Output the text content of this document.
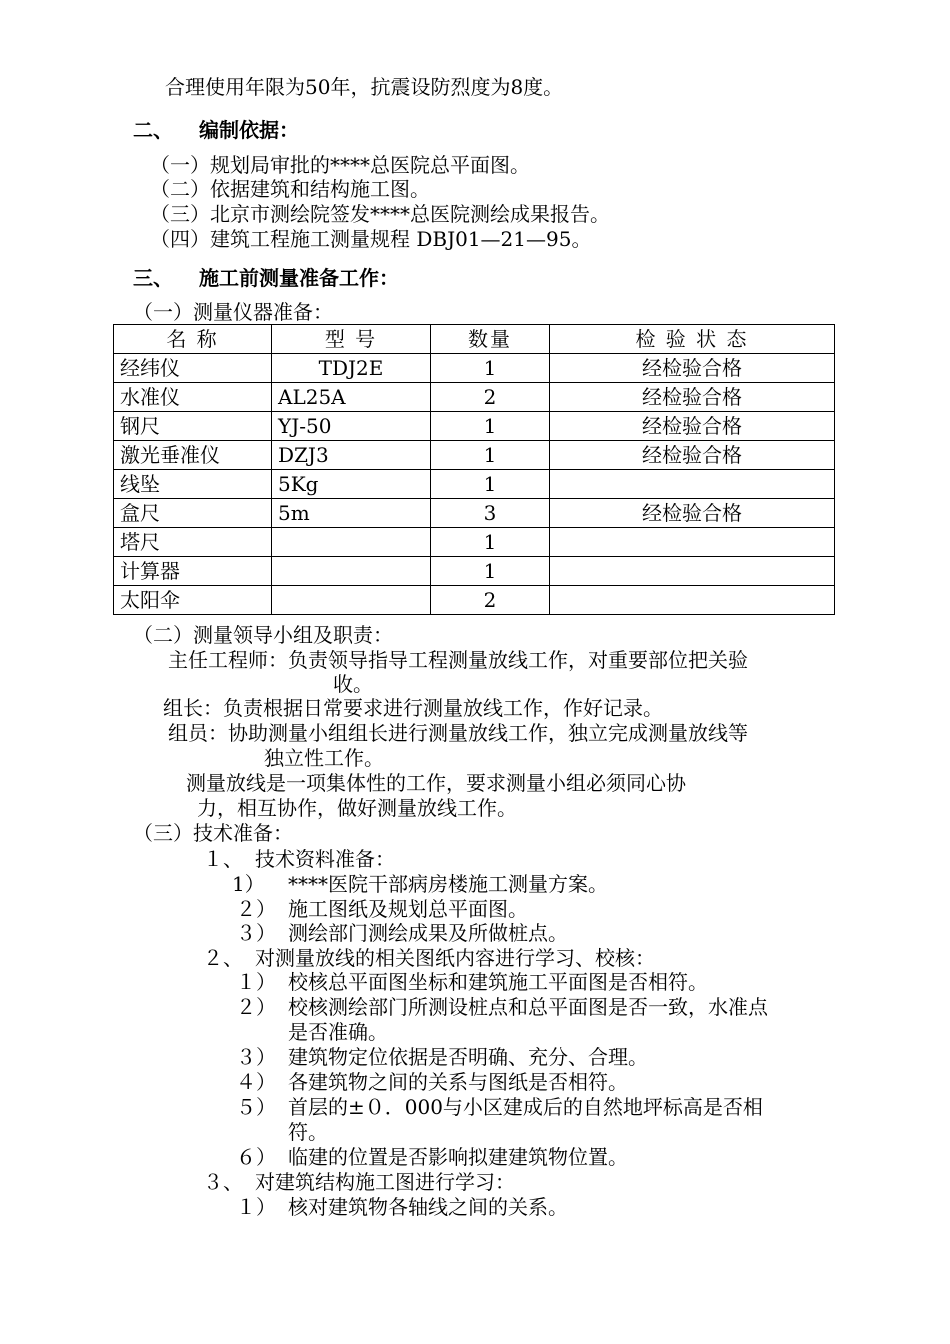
合理使用年限为50年，抗震设防烈度为8度。
二、 编制依据：
（一）规划局审批的****总医院总平面图。
（二）依据建筑和结构施工图。
（三）北京市测绘院签发****总医院测绘成果报告。
（四）建筑工程施工测量规程 DBJ01—21—95。
三、 施工前测量准备工作：
（一）测量仪器准备：
名 称	型 号	数量	检 验 状 态
经纬仪	TDJ2E	1	经检验合格
水准仪	AL25A	2	经检验合格
钢尺	YJ-50	1	经检验合格
激光垂准仪	DZJ3	1	经检验合格
线坠	5Kg	1	
盒尺	5m	3	经检验合格
塔尺		1	
计算器		1	
太阳伞		2	
（二）测量领导小组及职责：
主任工程师：负责领导指导工程测量放线工作，对重要部位把关验
收。
组长：负责根据日常要求进行测量放线工作，作好记录。
组员：协助测量小组组长进行测量放线工作，独立完成测量放线等
独立性工作。
测量放线是一项集体性的工作，要求测量小组必须同心协
力，相互协作，做好测量放线工作。
（三）技术准备：
１、 技术资料准备：
1） ****医院干部病房楼施工测量方案。
２） 施工图纸及规划总平面图。
３） 测绘部门测绘成果及所做桩点。
２、 对测量放线的相关图纸内容进行学习、校核：
１） 校核总平面图坐标和建筑施工平面图是否相符。
２） 校核测绘部门所测设桩点和总平面图是否一致，水准点
是否准确。
３） 建筑物定位依据是否明确、充分、合理。
４） 各建筑物之间的关系与图纸是否相符。
５） 首层的±０．000与小区建成后的自然地坪标高是否相
符。
６） 临建的位置是否影响拟建建筑物位置。
３、 对建筑结构施工图进行学习：
１） 核对建筑物各轴线之间的关系。
